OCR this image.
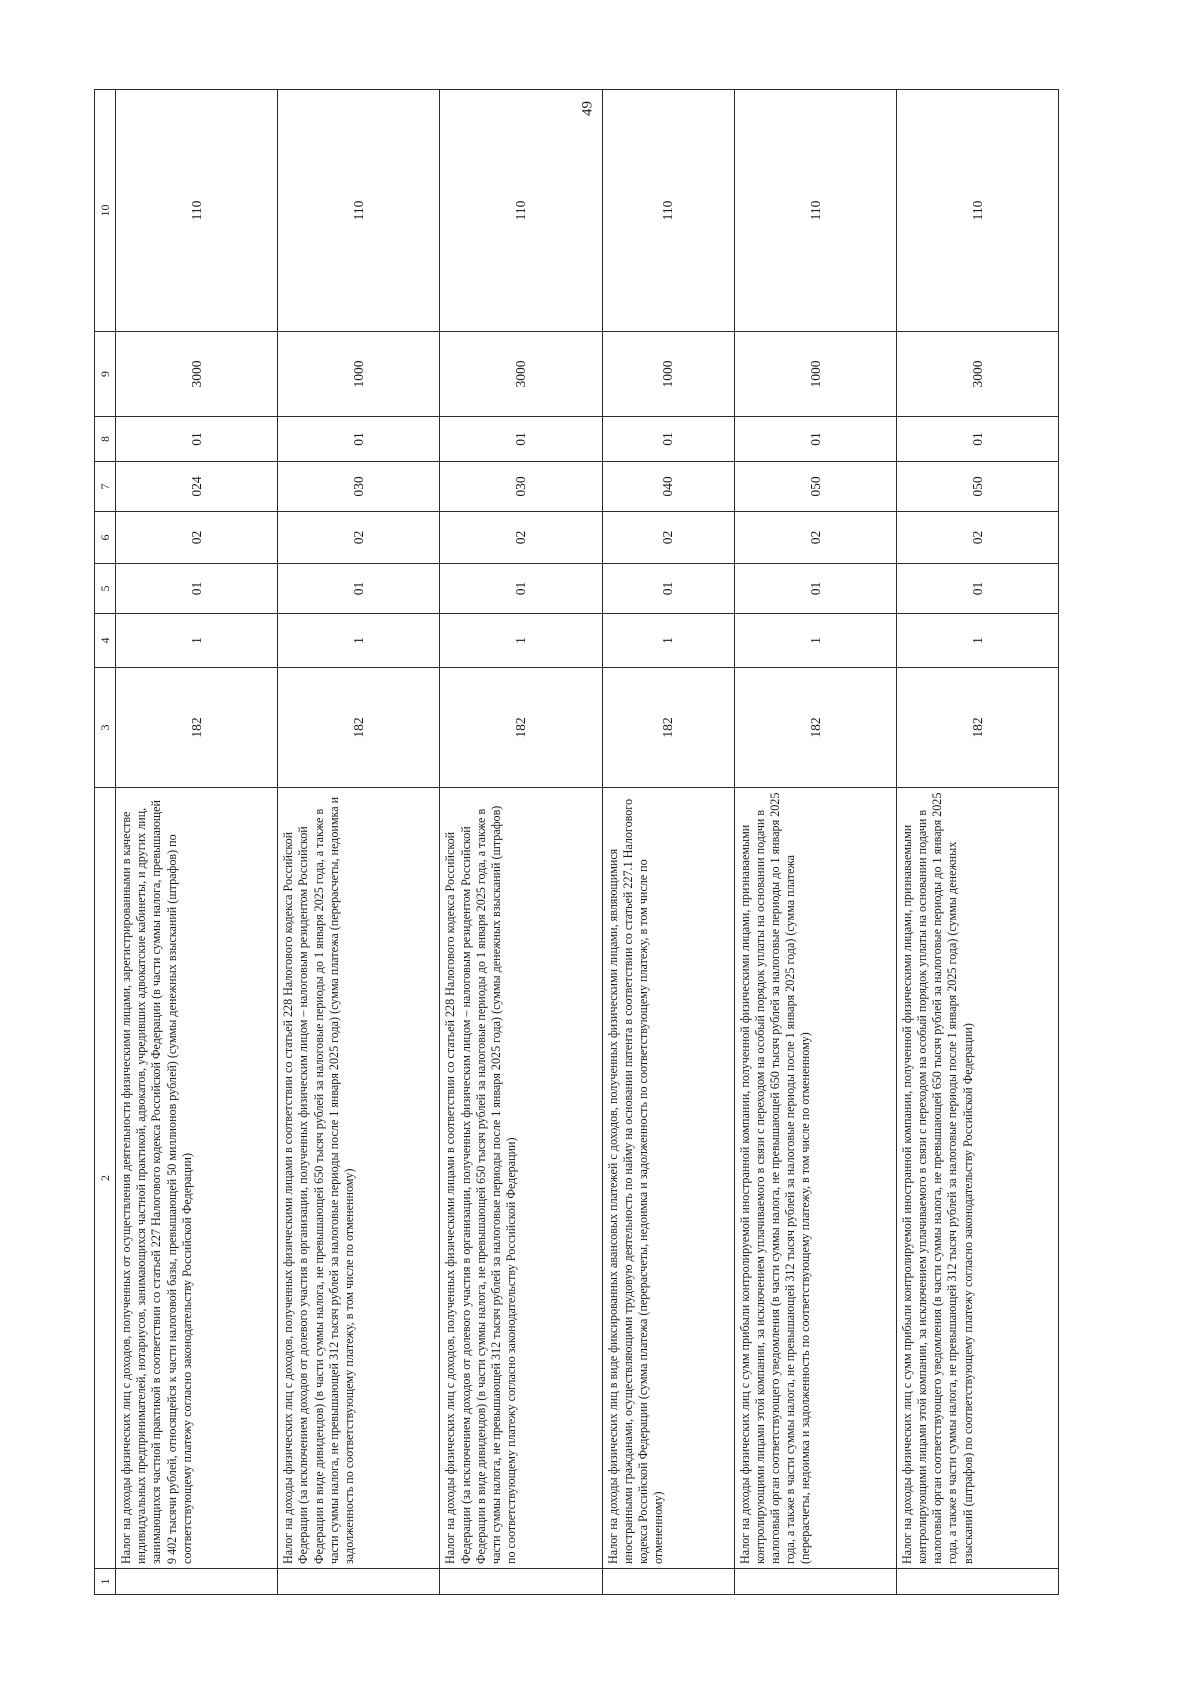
49
1	2	3	4	5	6	7	8	9	10
	Налог на доходы физических лиц с доходов, полученных от осуществления деятельности физическими лицами, зарегистрированными в качестве индивидуальных предпринимателей, нотариусов, занимающихся частной практикой, адвокатов, учредивших адвокатские кабинеты, и других лиц, занимающихся частной практикой в соответствии со статьей 227 Налогового кодекса Российской Федерации (в части суммы налога, превышающей 9 402 тысячи рублей, относящейся к части налоговой базы, превышающей 50 миллионов рублей) (суммы денежных взысканий (штрафов) по соответствующему платежу согласно законодательству Российской Федерации)	182	1	01	02	024	01	3000	110
	Налог на доходы физических лиц с доходов, полученных физическими лицами в соответствии со статьей 228 Налогового кодекса Российской Федерации (за исключением доходов от долевого участия в организации, полученных физическим лицом – налоговым резидентом Российской Федерации в виде дивидендов) (в части суммы налога, не превышающей 650 тысяч рублей за налоговые периоды до 1 января 2025 года, а также в части суммы налога, не превышающей 312 тысяч рублей за налоговые периоды после 1 января 2025 года) (сумма платежа (перерасчеты, недоимка и задолженность по соответствующему платежу, в том числе по отмененному)	182	1	01	02	030	01	1000	110
	Налог на доходы физических лиц с доходов, полученных физическими лицами в соответствии со статьей 228 Налогового кодекса Российской Федерации (за исключением доходов от долевого участия в организации, полученных физическим лицом – налоговым резидентом Российской Федерации в виде дивидендов) (в части суммы налога, не превышающей 650 тысяч рублей за налоговые периоды до 1 января 2025 года, а также в части суммы налога, не превышающей 312 тысяч рублей за налоговые периоды после 1 января 2025 года) (суммы денежных взысканий (штрафов) по соответствующему платежу согласно законодательству Российской Федерации)	182	1	01	02	030	01	3000	110
	Налог на доходы физических лиц в виде фиксированных авансовых платежей с доходов, полученных физическими лицами, являющимися иностранными гражданами, осуществляющими трудовую деятельность по найму на основании патента в соответствии со статьей 227.1 Налогового кодекса Российской Федерации (сумма платежа (перерасчеты, недоимка и задолженность по соответствующему платежу, в том числе по отмененному)	182	1	01	02	040	01	1000	110
	Налог на доходы физических лиц с сумм прибыли контролируемой иностранной компании, полученной физическими лицами, признаваемыми контролирующими лицами этой компании, за исключением уплачиваемого в связи с переходом на особый порядок уплаты на основании подачи в налоговый орган соответствующего уведомления (в части суммы налога, не превышающей 650 тысяч рублей за налоговые периоды до 1 января 2025 года, а также в части суммы налога, не превышающей 312 тысяч рублей за налоговые периоды после 1 января 2025 года) (сумма платежа (перерасчеты, недоимка и задолженность по соответствующему платежу, в том числе по отмененному)	182	1	01	02	050	01	1000	110
	Налог на доходы физических лиц с сумм прибыли контролируемой иностранной компании, полученной физическими лицами, признаваемыми контролирующими лицами этой компании, за исключением уплачиваемого в связи с переходом на особый порядок уплаты на основании подачи в налоговый орган соответствующего уведомления (в части суммы налога, не превышающей 650 тысяч рублей за налоговые периоды до 1 января 2025 года, а также в части суммы налога, не превышающей 312 тысяч рублей за налоговые периоды после 1 января 2025 года) (суммы денежных взысканий (штрафов) по соответствующему платежу согласно законодательству Российской Федерации)	182	1	01	02	050	01	3000	110
